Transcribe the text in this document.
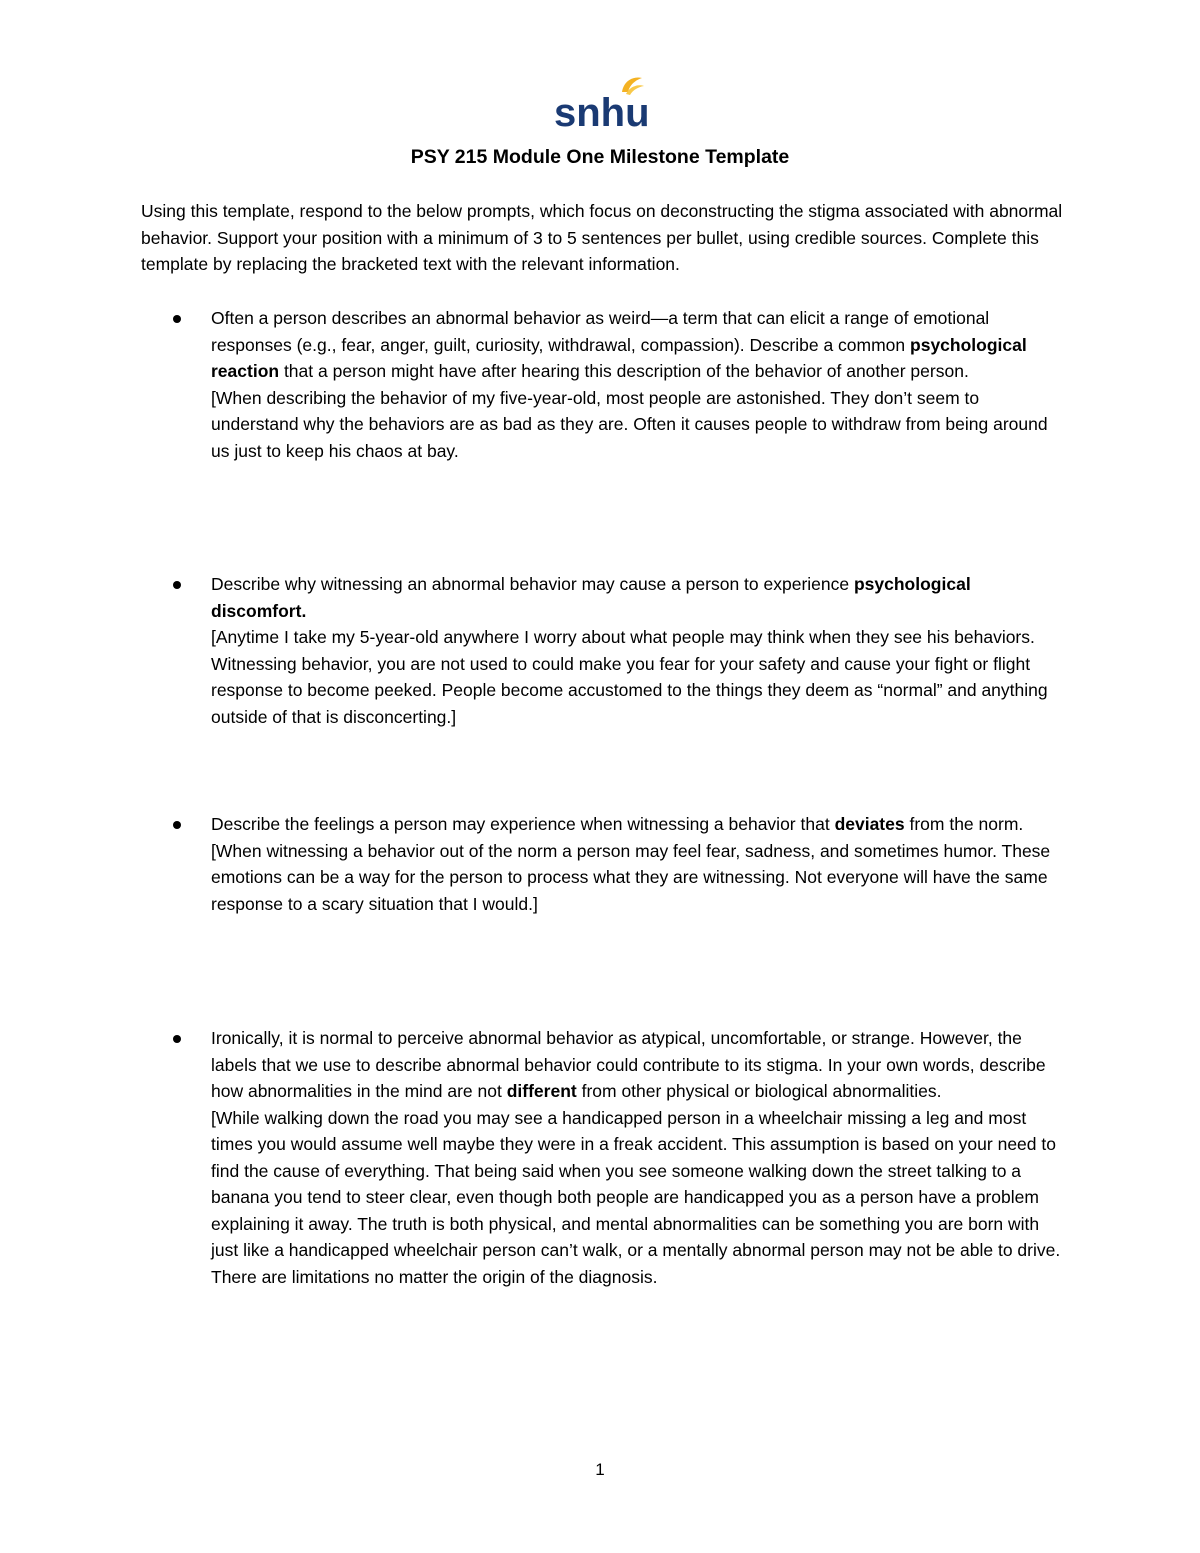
snhu
PSY 215 Module One Milestone Template
Using this template, respond to the below prompts, which focus on deconstructing the stigma associated with abnormal behavior. Support your position with a minimum of 3 to 5 sentences per bullet, using credible sources. Complete this template by replacing the bracketed text with the relevant information.

Often a person describes an abnormal behavior as weird—a term that can elicit a range of emotional responses (e.g., fear, anger, guilt, curiosity, withdrawal, compassion). Describe a common psychological reaction that a person might have after hearing this description of the behavior of another person.

[When describing the behavior of my five-year-old, most people are astonished. They don’t seem to understand why the behaviors are as bad as they are. Often it causes people to withdraw from being around us just to keep his chaos at bay.

Describe why witnessing an abnormal behavior may cause a person to experience psychological discomfort.

[Anytime I take my 5-year-old anywhere I worry about what people may think when they see his behaviors. Witnessing behavior, you are not used to could make you fear for your safety and cause your fight or flight response to become peeked. People become accustomed to the things they deem as “normal” and anything outside of that is disconcerting.]

Describe the feelings a person may experience when witnessing a behavior that deviates from the norm.

[When witnessing a behavior out of the norm a person may feel fear, sadness, and sometimes humor. These emotions can be a way for the person to process what they are witnessing. Not everyone will have the same response to a scary situation that I would.]

Ironically, it is normal to perceive abnormal behavior as atypical, uncomfortable, or strange. However, the labels that we use to describe abnormal behavior could contribute to its stigma. In your own words, describe how abnormalities in the mind are not different from other physical or biological abnormalities.

[While walking down the road you may see a handicapped person in a wheelchair missing a leg and most times you would assume well maybe they were in a freak accident. This assumption is based on your need to find the cause of everything. That being said when you see someone walking down the street talking to a banana you tend to steer clear, even though both people are handicapped you as a person have a problem explaining it away. The truth is both physical, and mental abnormalities can be something you are born with just like a handicapped wheelchair person can’t walk, or a mentally abnormal person may not be able to drive. There are limitations no matter the origin of the diagnosis.

1
